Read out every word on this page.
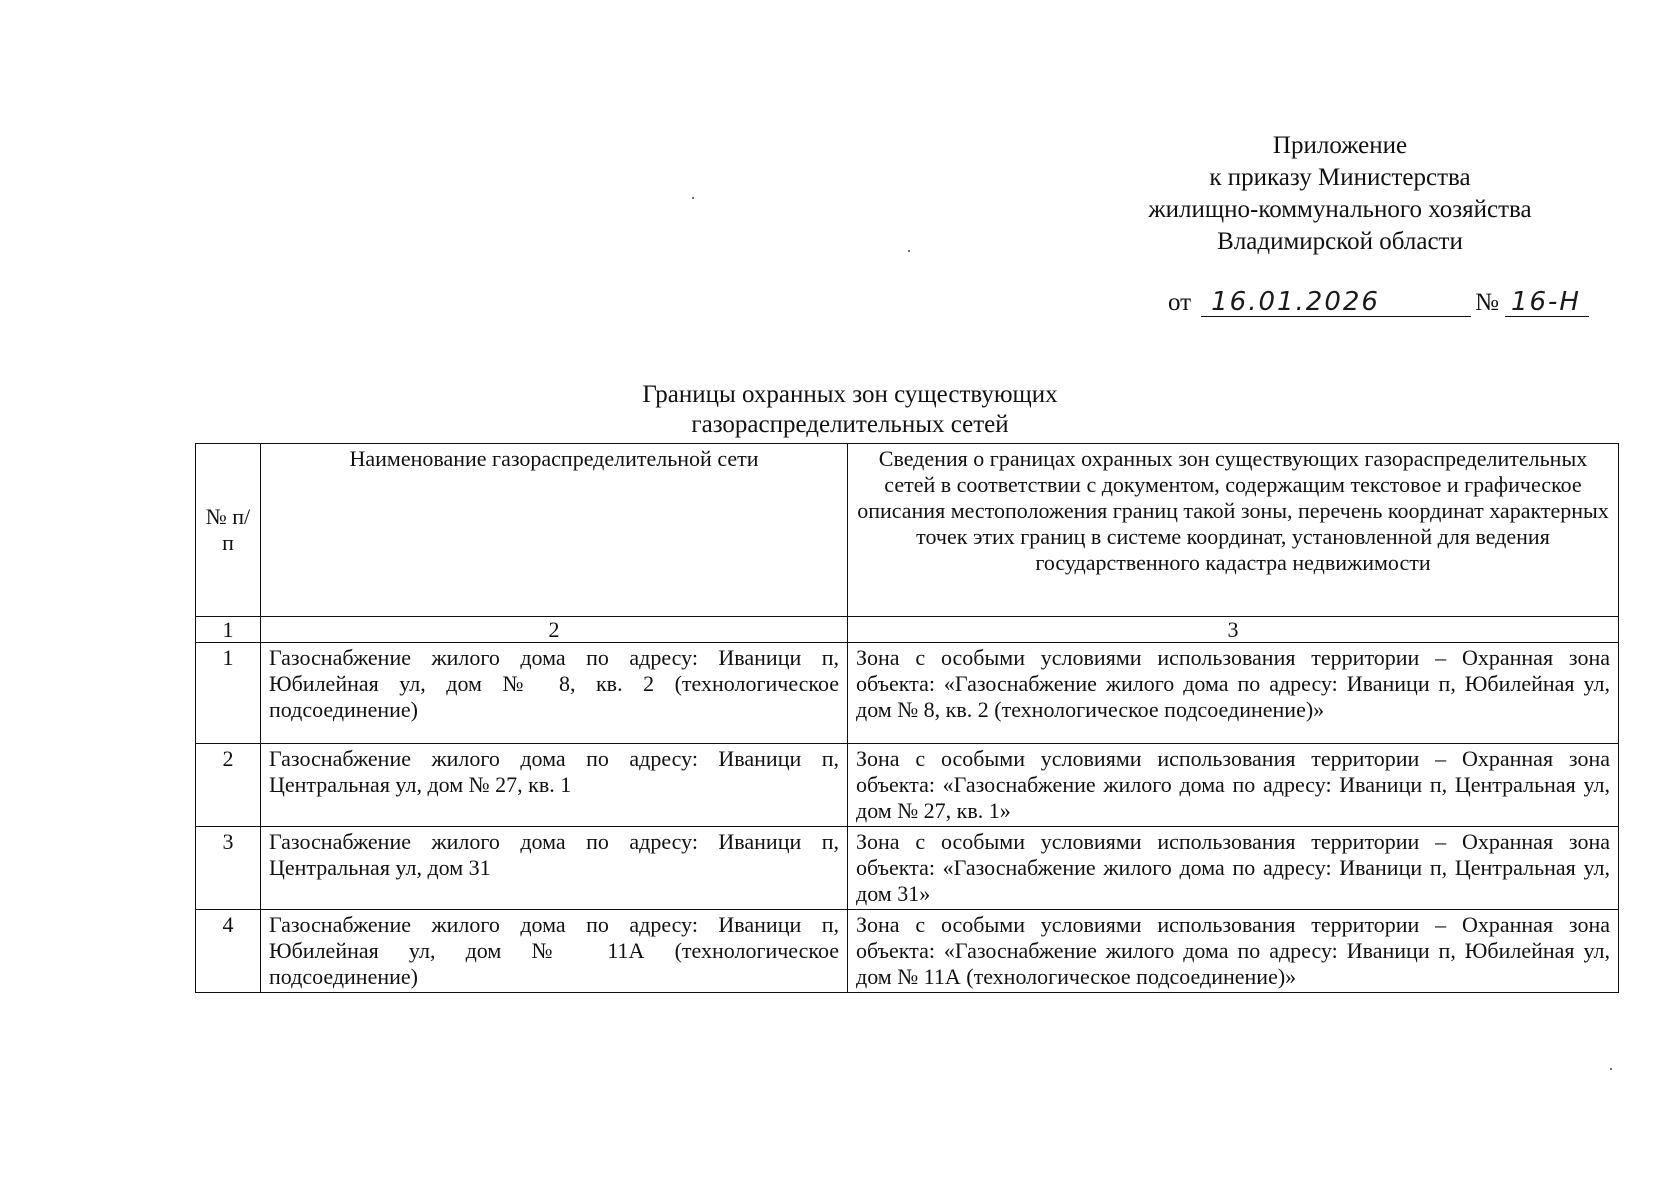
Приложение
к приказу Министерства
жилищно-коммунального хозяйства
Владимирской области
от 16.01.2026	№ 16-Н
Границы охранных зон существующих
газораспределительных сетей
№ п/п	Наименование газораспределительной сети	Сведения о границах охранных зон существующих газораспределительных сетей в соответствии с документом, содержащим текстовое и графическое описания местоположения границ такой зоны, перечень координат характерных точек этих границ в системе координат, установленной для ведения государственного кадастра недвижимости
1	2	3
1	Газоснабжение жилого дома по адресу: Иваници п, Юбилейная ул, дом № 8, кв. 2 (технологическое подсоединение)	Зона с особыми условиями использования территории – Охранная зона объекта: «Газоснабжение жилого дома по адресу: Иваници п, Юбилейная ул, дом № 8, кв. 2 (технологическое подсоединение)»
2	Газоснабжение жилого дома по адресу: Иваници п, Центральная ул, дом № 27, кв. 1	Зона с особыми условиями использования территории – Охранная зона объекта: «Газоснабжение жилого дома по адресу: Иваници п, Центральная ул, дом № 27, кв. 1»
3	Газоснабжение жилого дома по адресу: Иваници п, Центральная ул, дом 31	Зона с особыми условиями использования территории – Охранная зона объекта: «Газоснабжение жилого дома по адресу: Иваници п, Центральная ул, дом 31»
4	Газоснабжение жилого дома по адресу: Иваници п, Юбилейная ул, дом № 11А (технологическое подсоединение)	Зона с особыми условиями использования территории – Охранная зона объекта: «Газоснабжение жилого дома по адресу: Иваници п, Юбилейная ул, дом № 11А (технологическое подсоединение)»
